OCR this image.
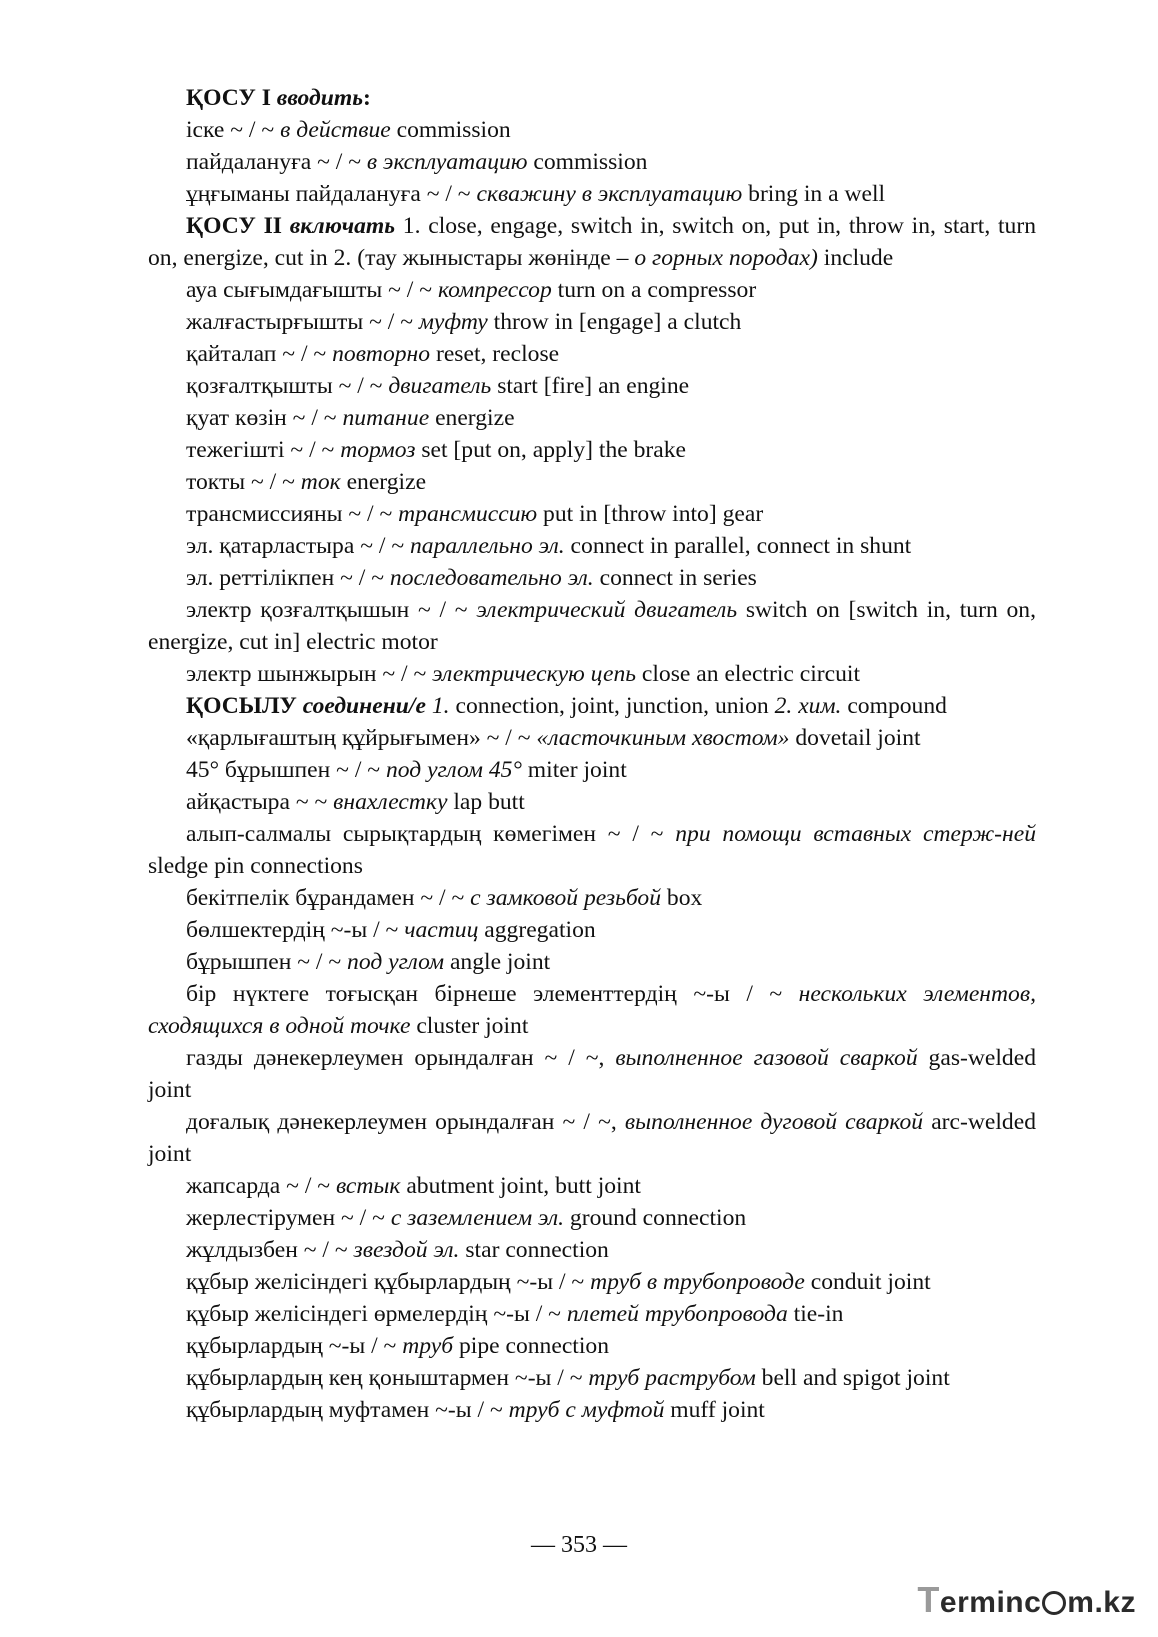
ҚОСУ І вводить:

іске ~ / ~ в действие commission

пайдалануға ~ / ~ в эксплуатацию commission

ұңғыманы пайдалануға ~ / ~ скважину в эксплуатацию bring in a well

ҚОСУ ІІ включать 1. close, engage, switch in, switch on, put in, throw in, start, turn on, energize, cut in 2. (тау жыныстары жөнінде – о горных породах) include

ауа сығымдағышты ~ / ~ компрессор turn on a compressor

жалғастырғышты ~ / ~ муфту throw in [engage] a clutch

қайталап ~ / ~ повторно reset, reclose

қозғалтқышты ~ / ~ двигатель start [fire] an engine

қуат көзін ~ / ~ питание energize

тежегішті ~ / ~ тормоз set [put on, apply] the brake

токты ~ / ~ ток energize

трансмиссияны ~ / ~ трансмиссию put in [throw into] gear

эл. қатарластыра ~ / ~ параллельно эл. connect in parallel, connect in shunt

эл. реттілікпен ~ / ~ последовательно эл. connect in series

электр қозғалтқышын ~ / ~ электрический двигатель switch on [switch in, turn on, energize, cut in] electric motor

электр шынжырын ~ / ~ электрическую цепь close an electric circuit

ҚОСЫЛУ соединени/е 1. connection, joint, junction, union 2. хим. compound

«қарлығаштың құйрығымен» ~ / ~ «ласточкиным хвостом» dovetail joint

45° бұрышпен ~ / ~ под углом 45° miter joint

айқастыра ~ ~ внахлестку lap butt

алып-салмалы сырықтардың көмегімен ~ / ~ при помощи вставных стерж-ней sledge pin connections

бекітпелік бұрандамен ~ / ~ с замковой резьбой box

бөлшектердің ~-ы / ~ частиц aggregation

бұрышпен ~ / ~ под углом angle joint

бір нүктеге тоғысқан бірнеше элементтердің ~-ы / ~ нескольких элементов, сходящихся в одной точке cluster joint

газды дәнекерлеумен орындалған ~ / ~, выполненное газовой сваркой gas-welded joint

доғалық дәнекерлеумен орындалған ~ / ~, выполненное дуговой сваркой arc-welded joint

жапсарда ~ / ~ встык abutment joint, butt joint

жерлестірумен ~ / ~ с заземлением эл. ground connection

жұлдызбен ~ / ~ звездой эл. star connection

құбыр желісіндегі құбырлардың ~-ы / ~ труб в трубопроводе conduit joint

құбыр желісіндегі өрмелердің ~-ы / ~ плетей трубопровода tie-in

құбырлардың ~-ы / ~ труб pipe connection

құбырлардың кең қоныштармен ~-ы / ~ труб раструбом bell and spigot joint

құбырлардың муфтамен ~-ы / ~ труб с муфтой muff joint

— 353 —
Terminc m.kz
